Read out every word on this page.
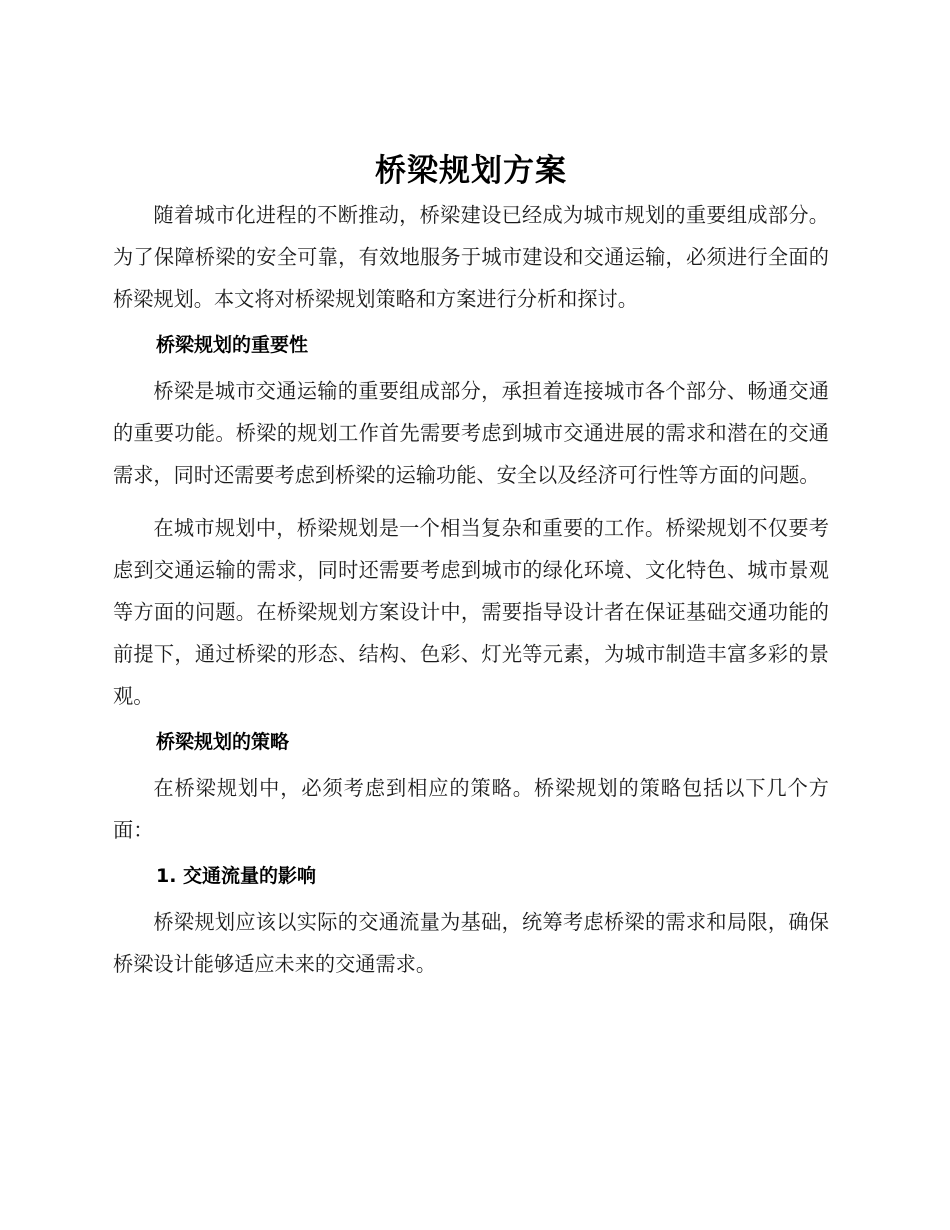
桥梁规划方案

随着城市化进程的不断推动，桥梁建设已经成为城市规划的重要组成部分。为了保障桥梁的安全可靠，有效地服务于城市建设和交通运输，必须进行全面的桥梁规划。本文将对桥梁规划策略和方案进行分析和探讨。

桥梁规划的重要性

桥梁是城市交通运输的重要组成部分，承担着连接城市各个部分、畅通交通的重要功能。桥梁的规划工作首先需要考虑到城市交通进展的需求和潜在的交通需求，同时还需要考虑到桥梁的运输功能、安全以及经济可行性等方面的问题。

在城市规划中，桥梁规划是一个相当复杂和重要的工作。桥梁规划不仅要考虑到交通运输的需求，同时还需要考虑到城市的绿化环境、文化特色、城市景观等方面的问题。在桥梁规划方案设计中，需要指导设计者在保证基础交通功能的前提下，通过桥梁的形态、结构、色彩、灯光等元素，为城市制造丰富多彩的景观。

桥梁规划的策略

在桥梁规划中，必须考虑到相应的策略。桥梁规划的策略包括以下几个方面：

1. 交通流量的影响

桥梁规划应该以实际的交通流量为基础，统筹考虑桥梁的需求和局限，确保桥梁设计能够适应未来的交通需求。
